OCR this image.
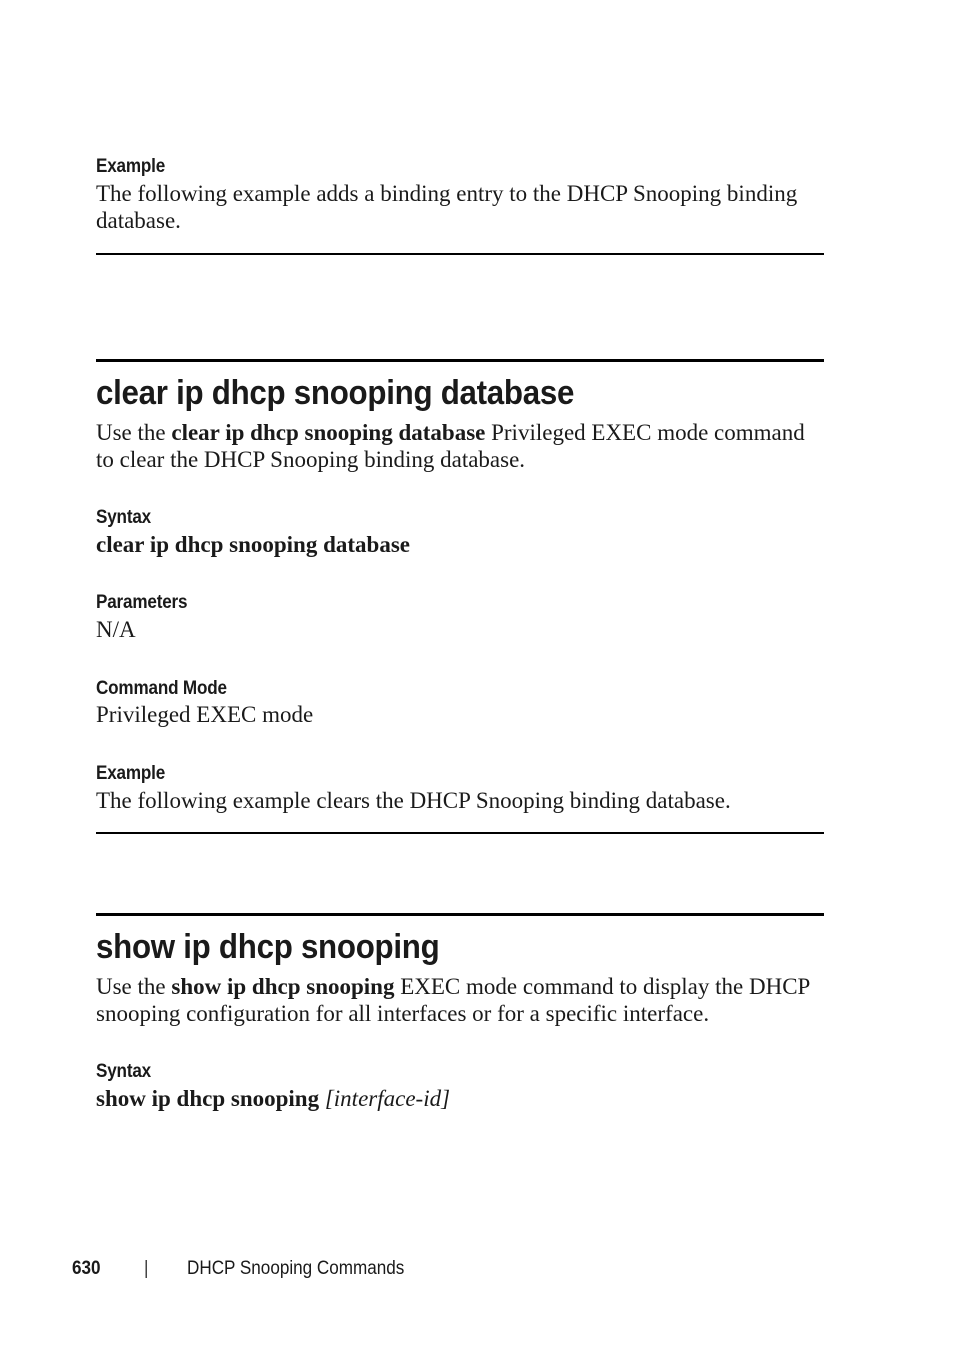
Example
The following example adds a binding entry to the DHCP Snooping binding
database.
clear ip dhcp snooping database
Use the clear ip dhcp snooping database Privileged EXEC mode command
to clear the DHCP Snooping binding database.
Syntax
clear ip dhcp snooping database
Parameters
N/A
Command Mode
Privileged EXEC mode
Example
The following example clears the DHCP Snooping binding database.
show ip dhcp snooping
Use the show ip dhcp snooping EXEC mode command to display the DHCP
snooping configuration for all interfaces or for a specific interface.
Syntax
show ip dhcp snooping [interface-id]
630 | DHCP Snooping Commands
